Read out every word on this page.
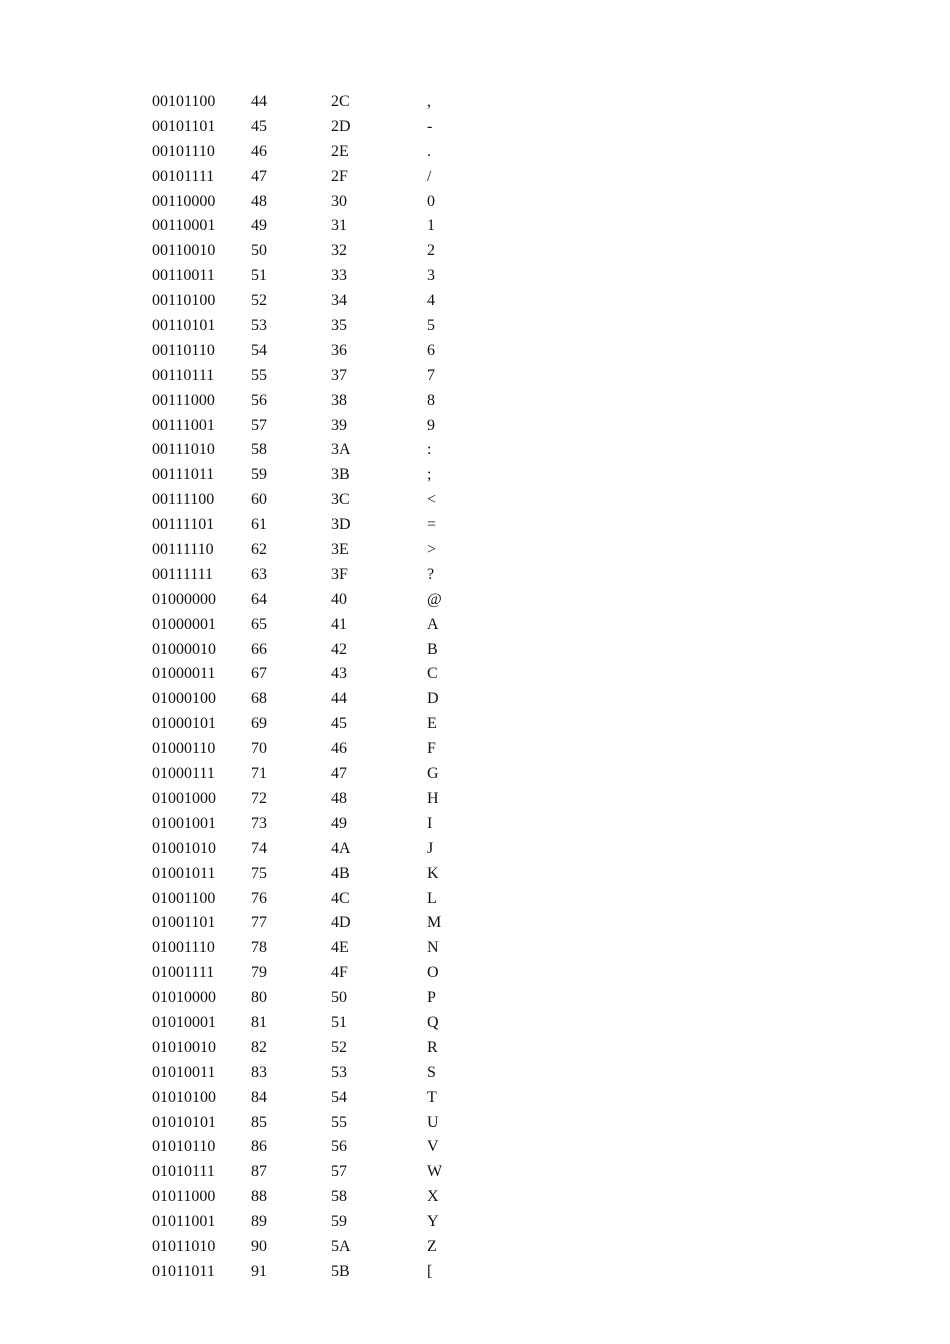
00101100	44	2C	,
00101101	45	2D	-
00101110	46	2E	.
00101111	47	2F	/
00110000	48	30	0
00110001	49	31	1
00110010	50	32	2
00110011	51	33	3
00110100	52	34	4
00110101	53	35	5
00110110	54	36	6
00110111	55	37	7
00111000	56	38	8
00111001	57	39	9
00111010	58	3A	:
00111011	59	3B	;
00111100	60	3C	<
00111101	61	3D	=
00111110	62	3E	>
00111111	63	3F	?
01000000	64	40	@
01000001	65	41	A
01000010	66	42	B
01000011	67	43	C
01000100	68	44	D
01000101	69	45	E
01000110	70	46	F
01000111	71	47	G
01001000	72	48	H
01001001	73	49	I
01001010	74	4A	J
01001011	75	4B	K
01001100	76	4C	L
01001101	77	4D	M
01001110	78	4E	N
01001111	79	4F	O
01010000	80	50	P
01010001	81	51	Q
01010010	82	52	R
01010011	83	53	S
01010100	84	54	T
01010101	85	55	U
01010110	86	56	V
01010111	87	57	W
01011000	88	58	X
01011001	89	59	Y
01011010	90	5A	Z
01011011	91	5B	[
